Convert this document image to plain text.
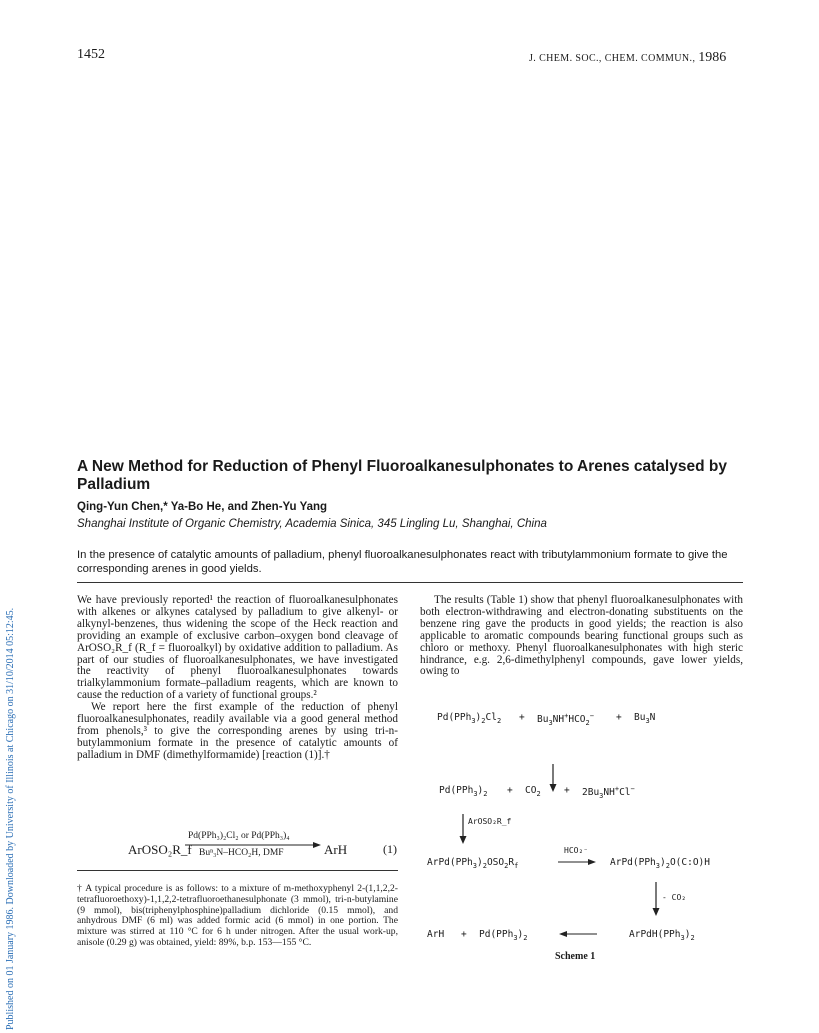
1452	J. CHEM. SOC., CHEM. COMMUN., 1986
Published on 01 January 1986. Downloaded by University of Illinois at Chicago on 31/10/2014 05:12:45.
A New Method for Reduction of Phenyl Fluoroalkanesulphonates to Arenes catalysed by Palladium
Qing-Yun Chen,* Ya-Bo He, and Zhen-Yu Yang
Shanghai Institute of Organic Chemistry, Academia Sinica, 345 Lingling Lu, Shanghai, China
In the presence of catalytic amounts of palladium, phenyl fluoroalkanesulphonates react with tributylammonium formate to give the corresponding arenes in good yields.

We have previously reported¹ the reaction of fluoroalkanesulphonates with alkenes or alkynes catalysed by palladium to give alkenyl- or alkynyl-benzenes, thus widening the scope of the Heck reaction and providing an example of exclusive carbon–oxygen bond cleavage of ArOSO₂R_f (R_f = fluoroalkyl) by oxidative addition to palladium. As part of our studies of fluoroalkanesulphonates, we have investigated the reactivity of phenyl fluoroalkanesulphonates towards trialkylammonium formate–palladium reagents, which are known to cause the reduction of a variety of functional groups.²

We report here the first example of the reduction of phenyl fluoroalkanesulphonates, readily available via a good general method from phenols,³ to give the corresponding arenes by using tri-n-butylammonium formate in the presence of catalytic amounts of palladium in DMF (dimethylformamide) [reaction (1)].†

ArOSO₂R_f
Pd(PPh₃)₂Cl₂ or Pd(PPh₃)₄
Buⁿ₃N–HCO₂H, DMF	ArH	(1)

† A typical procedure is as follows: to a mixture of m-methoxyphenyl 2-(1,1,2,2-tetrafluoroethoxy)-1,1,2,2-tetrafluoroethanesulphonate (3 mmol), tri-n-butylamine (9 mmol), bis(triphenylphosphine)palladium dichloride (0.15 mmol), and anhydrous DMF (6 ml) was added formic acid (6 mmol) in one portion. The mixture was stirred at 110 °C for 6 h under nitrogen. After the usual work-up, anisole (0.29 g) was obtained, yield: 89%, b.p. 153—155 °C.

The results (Table 1) show that phenyl fluoroalkanesulphonates with both electron-withdrawing and electron-donating substituents on the benzene ring gave the products in good yields; the reaction is also applicable to aromatic compounds bearing functional groups such as chloro or methoxy. Phenyl fluoroalkanesulphonates with high steric hindrance, e.g. 2,6-dimethylphenyl compounds, gave lower yields, owing to

$Pd(PPh_3)_2Cl_2 + Bu_3NH^+HCO_2^- + Bu_3N$
$Pd(PPh_3)_2 + CO_2 + 2Bu_3NH^+Cl^-$
ArOSO₂R_f
$ArPd(PPh_3)_2OSO_2R_f$
HCO₂⁻
$ArPd(PPh_3)_2O(C:O)H$
- CO₂
ArH + $Pd(PPh_3)_2$	$ArPdH(PPh_3)_2$
Scheme 1
